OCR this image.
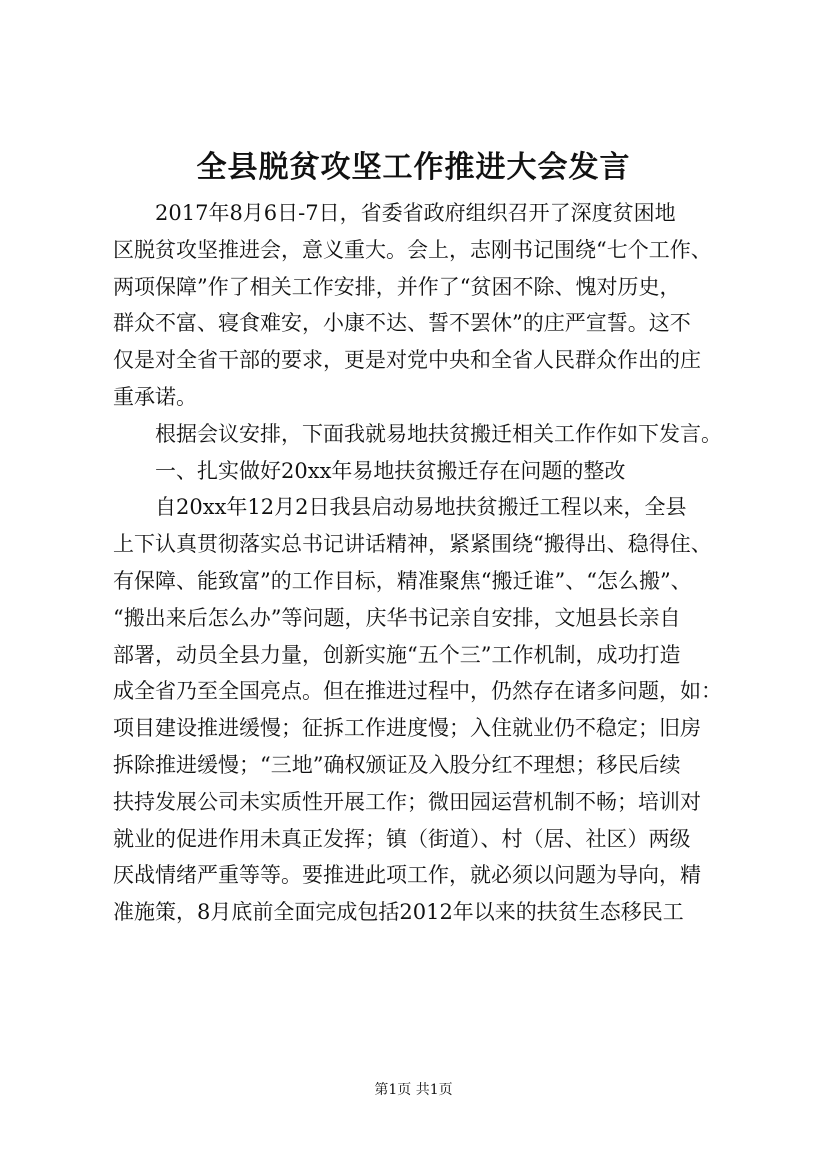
全县脱贫攻坚工作推进大会发言

2017年8月6日-7日，省委省政府组织召开了深度贫困地
区脱贫攻坚推进会，意义重大。会上，志刚书记围绕“七个工作、
两项保障”作了相关工作安排，并作了“贫困不除、愧对历史，
群众不富、寝食难安，小康不达、誓不罢休”的庄严宣誓。这不
仅是对全省干部的要求，更是对党中央和全省人民群众作出的庄
重承诺。

根据会议安排，下面我就易地扶贫搬迁相关工作作如下发言。

一、扎实做好20xx年易地扶贫搬迁存在问题的整改

自20xx年12月2日我县启动易地扶贫搬迁工程以来，全县
上下认真贯彻落实总书记讲话精神，紧紧围绕“搬得出、稳得住、
有保障、能致富”的工作目标，精准聚焦“搬迁谁”、“怎么搬”、
“搬出来后怎么办”等问题，庆华书记亲自安排，文旭县长亲自
部署，动员全县力量，创新实施“五个三”工作机制，成功打造
成全省乃至全国亮点。但在推进过程中，仍然存在诸多问题，如：
项目建设推进缓慢；征拆工作进度慢；入住就业仍不稳定；旧房
拆除推进缓慢；“三地”确权颁证及入股分红不理想；移民后续
扶持发展公司未实质性开展工作；微田园运营机制不畅；培训对
就业的促进作用未真正发挥；镇（街道）、村（居、社区）两级
厌战情绪严重等等。要推进此项工作，就必须以问题为导向，精
准施策，8月底前全面完成包括2012年以来的扶贫生态移民工

第1页 共1页
